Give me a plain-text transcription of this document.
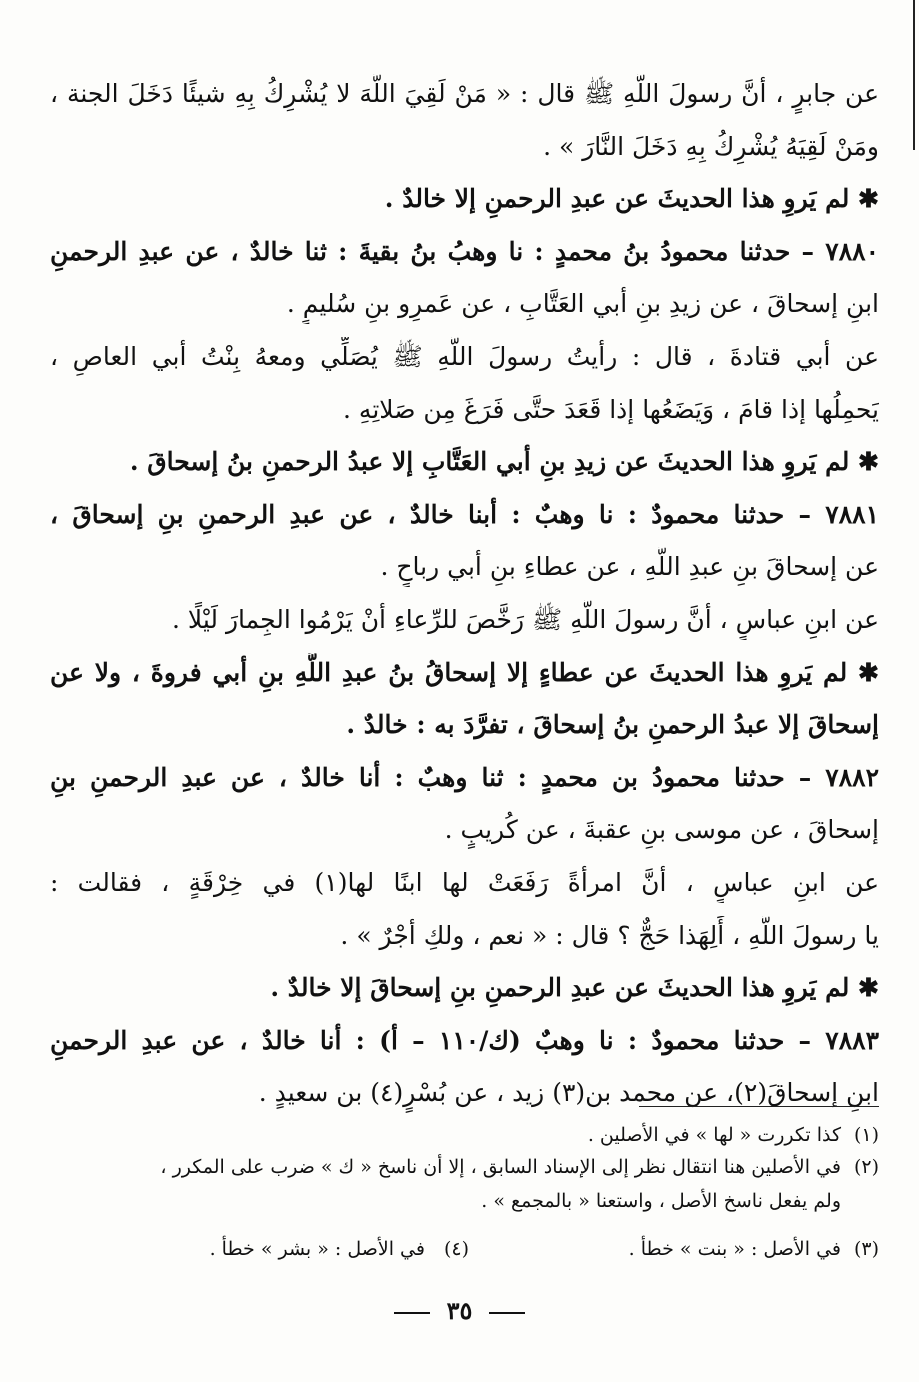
عن جابرٍ ، أنَّ رسولَ اللَّهِ ﷺ قال : « مَنْ لَقِيَ اللَّهَ لا يُشْرِكُ بِهِ شيئًا دَخَلَ الجنة ،
ومَنْ لَقِيَهُ يُشْرِكُ بِهِ دَخَلَ النَّارَ » .
✱ لم يَروِ هذا الحديثَ عن عبدِ الرحمنِ إلا خالدٌ .
٧٨٨٠ – حدثنا محمودُ بنُ محمدٍ : نا وهبُ بنُ بقيةَ : ثنا خالدٌ ، عن عبدِ الرحمنِ
ابنِ إسحاقَ ، عن زيدِ بنِ أبي العَتَّابِ ، عن عَمرِو بنِ سُليمٍ .
عن أبي قتادةَ ، قال : رأيتُ رسولَ اللَّهِ ﷺ يُصَلِّي ومعهُ بِنْتُ أبي العاصِ ،
يَحمِلُها إذا قامَ ، وَيَضَعُها إذا قَعَدَ حتَّى فَرَغَ مِن صَلاتِهِ .
✱ لم يَروِ هذا الحديثَ عن زيدِ بنِ أبي العَتَّابِ إلا عبدُ الرحمنِ بنُ إسحاقَ .
٧٨٨١ – حدثنا محمودٌ : نا وهبٌ : أبنا خالدٌ ، عن عبدِ الرحمنِ بنِ إسحاقَ ،
عن إسحاقَ بنِ عبدِ اللَّهِ ، عن عطاءِ بنِ أبي رباحٍ .
عن ابنِ عباسٍ ، أنَّ رسولَ اللَّهِ ﷺ رَخَّصَ للرِّعاءِ أنْ يَرْمُوا الجِمارَ لَيْلًا .
✱ لم يَروِ هذا الحديثَ عن عطاءٍ إلا إسحاقُ بنُ عبدِ اللَّهِ بنِ أبي فروةَ ، ولا عن
إسحاقَ إلا عبدُ الرحمنِ بنُ إسحاقَ ، تفرَّدَ به : خالدٌ .
٧٨٨٢ – حدثنا محمودُ بن محمدٍ : ثنا وهبٌ : أنا خالدٌ ، عن عبدِ الرحمنِ بنِ
إسحاقَ ، عن موسى بنِ عقبةَ ، عن كُريبٍ .
عن ابنِ عباسٍ ، أنَّ امرأةً رَفَعَتْ لها ابنًا لها(١) في خِرْقَةٍ ، فقالت :
يا رسولَ اللَّهِ ، أَلِهَذا حَجٌّ ؟ قال : « نعم ، ولكِ أجْرٌ » .
✱ لم يَروِ هذا الحديثَ عن عبدِ الرحمنِ بنِ إسحاقَ إلا خالدٌ .
٧٨٨٣ – حدثنا محمودٌ : نا وهبٌ (ك/١١٠ – أ) : أنا خالدٌ ، عن عبدِ الرحمنِ
ابنِ إسحاقَ(٢)، عن محمد بن(٣) زيد ، عن بُسْرٍ(٤) بن سعيدٍ .
(١)كذا تكررت « لها » في الأصلين .
(٢)في الأصلين هنا انتقال نظر إلى الإسناد السابق ، إلا أن ناسخ « ك » ضرب على المكرر ،
ولم يفعل ناسخ الأصل ، واستعنا « بالمجمع » .
(٣)في الأصل : « بنت » خطأ .
(٤) في الأصل : « بشر » خطأ .
٣٥
